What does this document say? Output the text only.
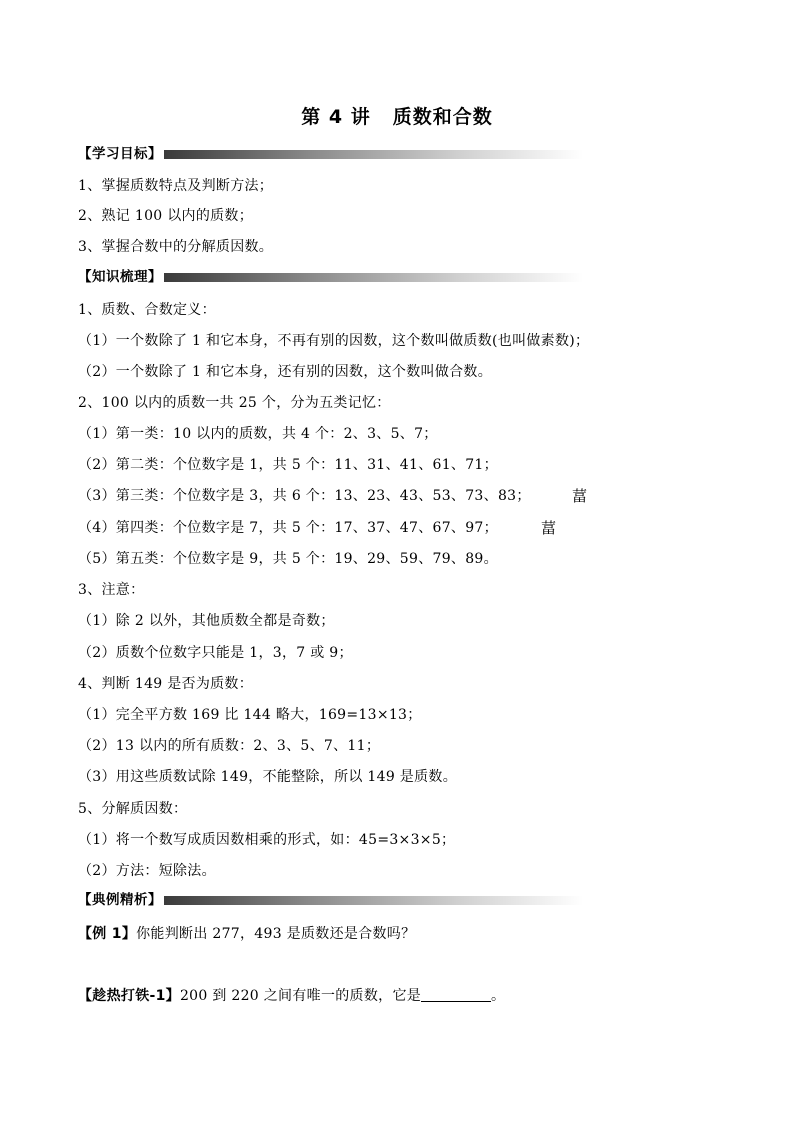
第 4 讲 质数和合数
【学习目标】
1、掌握质数特点及判断方法；
2、熟记 100 以内的质数；
3、掌握合数中的分解质因数。
【知识梳理】
1、质数、合数定义：
（1）一个数除了 1 和它本身，不再有别的因数，这个数叫做质数(也叫做素数)；
（2）一个数除了 1 和它本身，还有别的因数，这个数叫做合数。
2、100 以内的质数一共 25 个，分为五类记忆：
（1）第一类：10 以内的质数，共 4 个：2、3、5、7；
（2）第二类：个位数字是 1，共 5 个：11、31、41、61、71；
（3）第三类：个位数字是 3，共 6 个：13、23、43、53、73、83；	葍
（4）第四类：个位数字是 7，共 5 个：17、37、47、67、97；	葍
（5）第五类：个位数字是 9，共 5 个：19、29、59、79、89。
3、注意：
（1）除 2 以外，其他质数全都是奇数；
（2）质数个位数字只能是 1，3，7 或 9；
4、判断 149 是否为质数：
（1）完全平方数 169 比 144 略大，169=13×13；
（2）13 以内的所有质数：2、3、5、7、11；
（3）用这些质数试除 149，不能整除，所以 149 是质数。
5、分解质因数：
（1）将一个数写成质因数相乘的形式，如：45=3×3×5；
（2）方法：短除法。
【典例精析】
【例 1】你能判断出 277，493 是质数还是合数吗？
【趁热打铁-1】200 到 220 之间有唯一的质数，它是	。
